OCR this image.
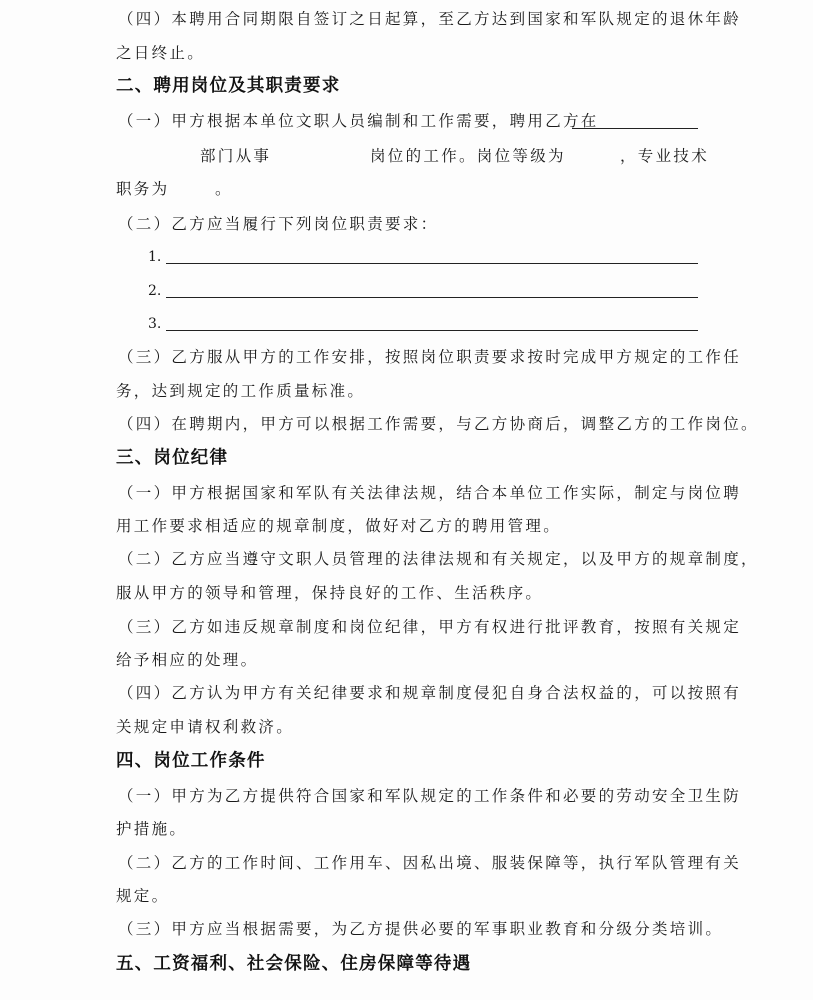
（四）本聘用合同期限自签订之日起算，至乙方达到国家和军队规定的退休年龄
之日终止。
二、聘用岗位及其职责要求
（一）甲方根据本单位文职人员编制和工作需要，聘用乙方在
部门从事	岗位的工作。岗位等级为	，专业技术
职务为	。
（二）乙方应当履行下列岗位职责要求：
1.
2.
3.
（三）乙方服从甲方的工作安排，按照岗位职责要求按时完成甲方规定的工作任
务，达到规定的工作质量标准。
（四）在聘期内，甲方可以根据工作需要，与乙方协商后，调整乙方的工作岗位。
三、岗位纪律
（一）甲方根据国家和军队有关法律法规，结合本单位工作实际，制定与岗位聘
用工作要求相适应的规章制度，做好对乙方的聘用管理。
（二）乙方应当遵守文职人员管理的法律法规和有关规定，以及甲方的规章制度，
服从甲方的领导和管理，保持良好的工作、生活秩序。
（三）乙方如违反规章制度和岗位纪律，甲方有权进行批评教育，按照有关规定
给予相应的处理。
（四）乙方认为甲方有关纪律要求和规章制度侵犯自身合法权益的，可以按照有
关规定申请权利救济。
四、岗位工作条件
（一）甲方为乙方提供符合国家和军队规定的工作条件和必要的劳动安全卫生防
护措施。
（二）乙方的工作时间、工作用车、因私出境、服装保障等，执行军队管理有关
规定。
（三）甲方应当根据需要，为乙方提供必要的军事职业教育和分级分类培训。
五、工资福利、社会保险、住房保障等待遇
